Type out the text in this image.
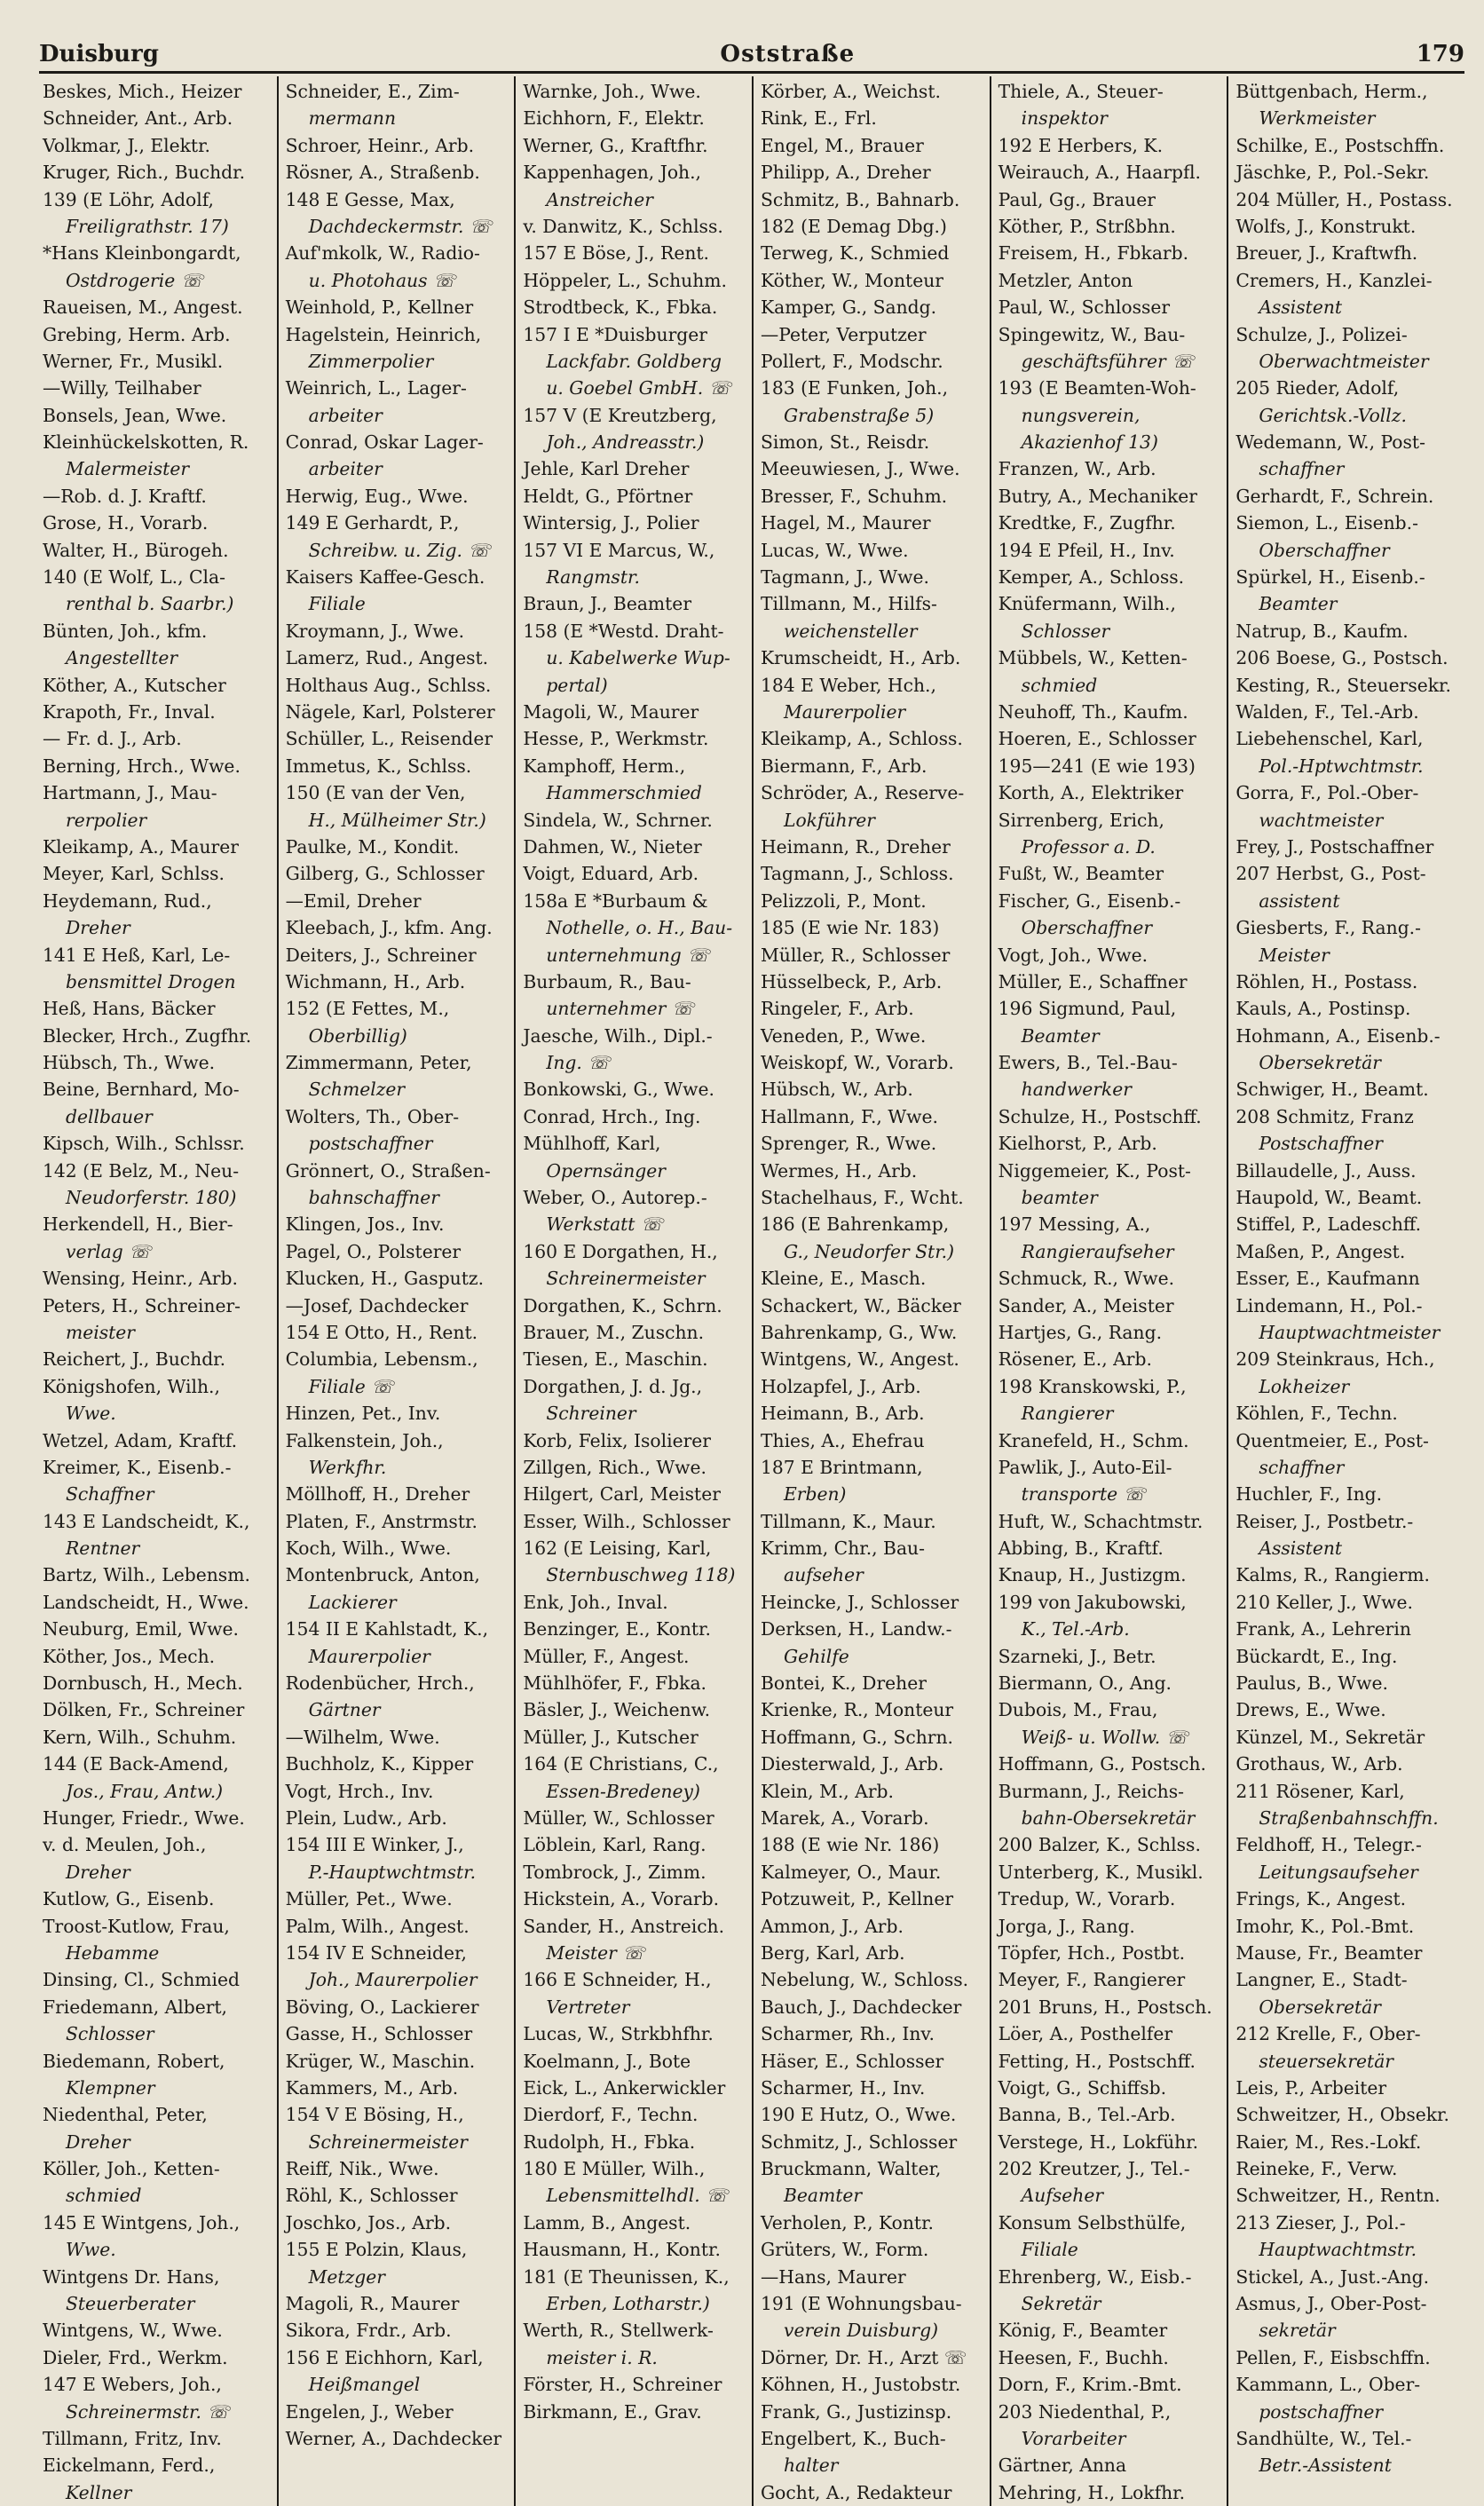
Duisburg	Oststraße	179
Beskes, Mich., Heizer
Schneider, Ant., Arb.
Volkmar, J., Elektr.
Kruger, Rich., Buchdr.
139 (E Löhr, Adolf,
Freiligrathstr. 17)
*Hans Kleinbongardt,
Ostdrogerie ☏
Raueisen, M., Angest.
Grebing, Herm. Arb.
Werner, Fr., Musikl.
—Willy, Teilhaber
Bonsels, Jean, Wwe.
Kleinhückelskotten, R.
Malermeister
—Rob. d. J. Kraftf.
Grose, H., Vorarb.
Walter, H., Bürogeh.
140 (E Wolf, L., Cla-
renthal b. Saarbr.)
Bünten, Joh., kfm.
Angestellter
Köther, A., Kutscher
Krapoth, Fr., Inval.
— Fr. d. J., Arb.
Berning, Hrch., Wwe.
Hartmann, J., Mau-
rerpolier
Kleikamp, A., Maurer
Meyer, Karl, Schlss.
Heydemann, Rud.,
Dreher
141 E Heß, Karl, Le-
bensmittel Drogen
Heß, Hans, Bäcker
Blecker, Hrch., Zugfhr.
Hübsch, Th., Wwe.
Beine, Bernhard, Mo-
dellbauer
Kipsch, Wilh., Schlssr.
142 (E Belz, M., Neu-
Neudorferstr. 180)
Herkendell, H., Bier-
verlag ☏
Wensing, Heinr., Arb.
Peters, H., Schreiner-
meister
Reichert, J., Buchdr.
Königshofen, Wilh.,
Wwe.
Wetzel, Adam, Kraftf.
Kreimer, K., Eisenb.-
Schaffner
143 E Landscheidt, K.,
Rentner
Bartz, Wilh., Lebensm.
Landscheidt, H., Wwe.
Neuburg, Emil, Wwe.
Köther, Jos., Mech.
Dornbusch, H., Mech.
Dölken, Fr., Schreiner
Kern, Wilh., Schuhm.
144 (E Back-Amend,
Jos., Frau, Antw.)
Hunger, Friedr., Wwe.
v. d. Meulen, Joh.,
Dreher
Kutlow, G., Eisenb.
Troost-Kutlow, Frau,
Hebamme
Dinsing, Cl., Schmied
Friedemann, Albert,
Schlosser
Biedemann, Robert,
Klempner
Niedenthal, Peter,
Dreher
Köller, Joh., Ketten-
schmied
145 E Wintgens, Joh.,
Wwe.
Wintgens Dr. Hans,
Steuerberater
Wintgens, W., Wwe.
Dieler, Frd., Werkm.
147 E Webers, Joh.,
Schreinermstr. ☏
Tillmann, Fritz, Inv.
Eickelmann, Ferd.,
Kellner
Schneider, E., Zim-
mermann
Schroer, Heinr., Arb.
Rösner, A., Straßenb.
148 E Gesse, Max,
Dachdeckermstr. ☏
Auf'mkolk, W., Radio-
u. Photohaus ☏
Weinhold, P., Kellner
Hagelstein, Heinrich,
Zimmerpolier
Weinrich, L., Lager-
arbeiter
Conrad, Oskar Lager-
arbeiter
Herwig, Eug., Wwe.
149 E Gerhardt, P.,
Schreibw. u. Zig. ☏
Kaisers Kaffee-Gesch.
Filiale
Kroymann, J., Wwe.
Lamerz, Rud., Angest.
Holthaus Aug., Schlss.
Nägele, Karl, Polsterer
Schüller, L., Reisender
Immetus, K., Schlss.
150 (E van der Ven,
H., Mülheimer Str.)
Paulke, M., Kondit.
Gilberg, G., Schlosser
—Emil, Dreher
Kleebach, J., kfm. Ang.
Deiters, J., Schreiner
Wichmann, H., Arb.
152 (E Fettes, M.,
Oberbillig)
Zimmermann, Peter,
Schmelzer
Wolters, Th., Ober-
postschaffner
Grönnert, O., Straßen-
bahnschaffner
Klingen, Jos., Inv.
Pagel, O., Polsterer
Klucken, H., Gasputz.
—Josef, Dachdecker
154 E Otto, H., Rent.
Columbia, Lebensm.,
Filiale ☏
Hinzen, Pet., Inv.
Falkenstein, Joh.,
Werkfhr.
Möllhoff, H., Dreher
Platen, F., Anstrmstr.
Koch, Wilh., Wwe.
Montenbruck, Anton,
Lackierer
154 II E Kahlstadt, K.,
Maurerpolier
Rodenbücher, Hrch.,
Gärtner
—Wilhelm, Wwe.
Buchholz, K., Kipper
Vogt, Hrch., Inv.
Plein, Ludw., Arb.
154 III E Winker, J.,
P.-Hauptwchtmstr.
Müller, Pet., Wwe.
Palm, Wilh., Angest.
154 IV E Schneider,
Joh., Maurerpolier
Böving, O., Lackierer
Gasse, H., Schlosser
Krüger, W., Maschin.
Kammers, M., Arb.
154 V E Bösing, H.,
Schreinermeister
Reiff, Nik., Wwe.
Röhl, K., Schlosser
Joschko, Jos., Arb.
155 E Polzin, Klaus,
Metzger
Magoli, R., Maurer
Sikora, Frdr., Arb.
156 E Eichhorn, Karl,
Heißmangel
Engelen, J., Weber
Werner, A., Dachdecker
Warnke, Joh., Wwe.
Eichhorn, F., Elektr.
Werner, G., Kraftfhr.
Kappenhagen, Joh.,
Anstreicher
v. Danwitz, K., Schlss.
157 E Böse, J., Rent.
Höppeler, L., Schuhm.
Strodtbeck, K., Fbka.
157 I E *Duisburger
Lackfabr. Goldberg
u. Goebel GmbH. ☏
157 V (E Kreutzberg,
Joh., Andreasstr.)
Jehle, Karl Dreher
Heldt, G., Pförtner
Wintersig, J., Polier
157 VI E Marcus, W.,
Rangmstr.
Braun, J., Beamter
158 (E *Westd. Draht-
u. Kabelwerke Wup-
pertal)
Magoli, W., Maurer
Hesse, P., Werkmstr.
Kamphoff, Herm.,
Hammerschmied
Sindela, W., Schrner.
Dahmen, W., Nieter
Voigt, Eduard, Arb.
158a E *Burbaum &
Nothelle, o. H., Bau-
unternehmung ☏
Burbaum, R., Bau-
unternehmer ☏
Jaesche, Wilh., Dipl.-
Ing. ☏
Bonkowski, G., Wwe.
Conrad, Hrch., Ing.
Mühlhoff, Karl,
Opernsänger
Weber, O., Autorep.-
Werkstatt ☏
160 E Dorgathen, H.,
Schreinermeister
Dorgathen, K., Schrn.
Brauer, M., Zuschn.
Tiesen, E., Maschin.
Dorgathen, J. d. Jg.,
Schreiner
Korb, Felix, Isolierer
Zillgen, Rich., Wwe.
Hilgert, Carl, Meister
Esser, Wilh., Schlosser
162 (E Leising, Karl,
Sternbuschweg 118)
Enk, Joh., Inval.
Benzinger, E., Kontr.
Müller, F., Angest.
Mühlhöfer, F., Fbka.
Bäsler, J., Weichenw.
Müller, J., Kutscher
164 (E Christians, C.,
Essen-Bredeney)
Müller, W., Schlosser
Löblein, Karl, Rang.
Tombrock, J., Zimm.
Hickstein, A., Vorarb.
Sander, H., Anstreich.
Meister ☏
166 E Schneider, H.,
Vertreter
Lucas, W., Strkbhfhr.
Koelmann, J., Bote
Eick, L., Ankerwickler
Dierdorf, F., Techn.
Rudolph, H., Fbka.
180 E Müller, Wilh.,
Lebensmittelhdl. ☏
Lamm, B., Angest.
Hausmann, H., Kontr.
181 (E Theunissen, K.,
Erben, Lotharstr.)
Werth, R., Stellwerk-
meister i. R.
Förster, H., Schreiner
Birkmann, E., Grav.
Körber, A., Weichst.
Rink, E., Frl.
Engel, M., Brauer
Philipp, A., Dreher
Schmitz, B., Bahnarb.
182 (E Demag Dbg.)
Terweg, K., Schmied
Köther, W., Monteur
Kamper, G., Sandg.
—Peter, Verputzer
Pollert, F., Modschr.
183 (E Funken, Joh.,
Grabenstraße 5)
Simon, St., Reisdr.
Meeuwiesen, J., Wwe.
Bresser, F., Schuhm.
Hagel, M., Maurer
Lucas, W., Wwe.
Tagmann, J., Wwe.
Tillmann, M., Hilfs-
weichensteller
Krumscheidt, H., Arb.
184 E Weber, Hch.,
Maurerpolier
Kleikamp, A., Schloss.
Biermann, F., Arb.
Schröder, A., Reserve-
Lokführer
Heimann, R., Dreher
Tagmann, J., Schloss.
Pelizzoli, P., Mont.
185 (E wie Nr. 183)
Müller, R., Schlosser
Hüsselbeck, P., Arb.
Ringeler, F., Arb.
Veneden, P., Wwe.
Weiskopf, W., Vorarb.
Hübsch, W., Arb.
Hallmann, F., Wwe.
Sprenger, R., Wwe.
Wermes, H., Arb.
Stachelhaus, F., Wcht.
186 (E Bahrenkamp,
G., Neudorfer Str.)
Kleine, E., Masch.
Schackert, W., Bäcker
Bahrenkamp, G., Ww.
Wintgens, W., Angest.
Holzapfel, J., Arb.
Heimann, B., Arb.
Thies, A., Ehefrau
187 E Brintmann,
Erben)
Tillmann, K., Maur.
Krimm, Chr., Bau-
aufseher
Heincke, J., Schlosser
Derksen, H., Landw.-
Gehilfe
Bontei, K., Dreher
Krienke, R., Monteur
Hoffmann, G., Schrn.
Diesterwald, J., Arb.
Klein, M., Arb.
Marek, A., Vorarb.
188 (E wie Nr. 186)
Kalmeyer, O., Maur.
Potzuweit, P., Kellner
Ammon, J., Arb.
Berg, Karl, Arb.
Nebelung, W., Schloss.
Bauch, J., Dachdecker
Scharmer, Rh., Inv.
Häser, E., Schlosser
Scharmer, H., Inv.
190 E Hutz, O., Wwe.
Schmitz, J., Schlosser
Bruckmann, Walter,
Beamter
Verholen, P., Kontr.
Grüters, W., Form.
—Hans, Maurer
191 (E Wohnungsbau-
verein Duisburg)
Dörner, Dr. H., Arzt ☏
Köhnen, H., Justobstr.
Frank, G., Justizinsp.
Engelbert, K., Buch-
halter
Gocht, A., Redakteur
Thiele, A., Steuer-
inspektor
192 E Herbers, K.
Weirauch, A., Haarpfl.
Paul, Gg., Brauer
Köther, P., Strßbhn.
Freisem, H., Fbkarb.
Metzler, Anton
Paul, W., Schlosser
Spingewitz, W., Bau-
geschäftsführer ☏
193 (E Beamten-Woh-
nungsverein,
Akazienhof 13)
Franzen, W., Arb.
Butry, A., Mechaniker
Kredtke, F., Zugfhr.
194 E Pfeil, H., Inv.
Kemper, A., Schloss.
Knüfermann, Wilh.,
Schlosser
Mübbels, W., Ketten-
schmied
Neuhoff, Th., Kaufm.
Hoeren, E., Schlosser
195—241 (E wie 193)
Korth, A., Elektriker
Sirrenberg, Erich,
Professor a. D.
Fußt, W., Beamter
Fischer, G., Eisenb.-
Oberschaffner
Vogt, Joh., Wwe.
Müller, E., Schaffner
196 Sigmund, Paul,
Beamter
Ewers, B., Tel.-Bau-
handwerker
Schulze, H., Postschff.
Kielhorst, P., Arb.
Niggemeier, K., Post-
beamter
197 Messing, A.,
Rangieraufseher
Schmuck, R., Wwe.
Sander, A., Meister
Hartjes, G., Rang.
Rösener, E., Arb.
198 Kranskowski, P.,
Rangierer
Kranefeld, H., Schm.
Pawlik, J., Auto-Eil-
transporte ☏
Huft, W., Schachtmstr.
Abbing, B., Kraftf.
Knaup, H., Justizgm.
199 von Jakubowski,
K., Tel.-Arb.
Szarneki, J., Betr.
Biermann, O., Ang.
Dubois, M., Frau,
Weiß- u. Wollw. ☏
Hoffmann, G., Postsch.
Burmann, J., Reichs-
bahn-Obersekretär
200 Balzer, K., Schlss.
Unterberg, K., Musikl.
Tredup, W., Vorarb.
Jorga, J., Rang.
Töpfer, Hch., Postbt.
Meyer, F., Rangierer
201 Bruns, H., Postsch.
Löer, A., Posthelfer
Fetting, H., Postschff.
Voigt, G., Schiffsb.
Banna, B., Tel.-Arb.
Verstege, H., Lokführ.
202 Kreutzer, J., Tel.-
Aufseher
Konsum Selbsthülfe,
Filiale
Ehrenberg, W., Eisb.-
Sekretär
König, F., Beamter
Heesen, F., Buchh.
Dorn, F., Krim.-Bmt.
203 Niedenthal, P.,
Vorarbeiter
Gärtner, Anna
Mehring, H., Lokfhr.
Büttgenbach, Herm.,
Werkmeister
Schilke, E., Postschffn.
Jäschke, P., Pol.-Sekr.
204 Müller, H., Postass.
Wolfs, J., Konstrukt.
Breuer, J., Kraftwfh.
Cremers, H., Kanzlei-
Assistent
Schulze, J., Polizei-
Oberwachtmeister
205 Rieder, Adolf,
Gerichtsk.-Vollz.
Wedemann, W., Post-
schaffner
Gerhardt, F., Schrein.
Siemon, L., Eisenb.-
Oberschaffner
Spürkel, H., Eisenb.-
Beamter
Natrup, B., Kaufm.
206 Boese, G., Postsch.
Kesting, R., Steuersekr.
Walden, F., Tel.-Arb.
Liebehenschel, Karl,
Pol.-Hptwchtmstr.
Gorra, F., Pol.-Ober-
wachtmeister
Frey, J., Postschaffner
207 Herbst, G., Post-
assistent
Giesberts, F., Rang.-
Meister
Röhlen, H., Postass.
Kauls, A., Postinsp.
Hohmann, A., Eisenb.-
Obersekretär
Schwiger, H., Beamt.
208 Schmitz, Franz
Postschaffner
Billaudelle, J., Auss.
Haupold, W., Beamt.
Stiffel, P., Ladeschff.
Maßen, P., Angest.
Esser, E., Kaufmann
Lindemann, H., Pol.-
Hauptwachtmeister
209 Steinkraus, Hch.,
Lokheizer
Köhlen, F., Techn.
Quentmeier, E., Post-
schaffner
Huchler, F., Ing.
Reiser, J., Postbetr.-
Assistent
Kalms, R., Rangierm.
210 Keller, J., Wwe.
Frank, A., Lehrerin
Bückardt, E., Ing.
Paulus, B., Wwe.
Drews, E., Wwe.
Künzel, M., Sekretär
Grothaus, W., Arb.
211 Rösener, Karl,
Straßenbahnschffn.
Feldhoff, H., Telegr.-
Leitungsaufseher
Frings, K., Angest.
Imohr, K., Pol.-Bmt.
Mause, Fr., Beamter
Langner, E., Stadt-
Obersekretär
212 Krelle, F., Ober-
steuersekretär
Leis, P., Arbeiter
Schweitzer, H., Obsekr.
Raier, M., Res.-Lokf.
Reineke, F., Verw.
Schweitzer, H., Rentn.
213 Zieser, J., Pol.-
Hauptwachtmstr.
Stickel, A., Just.-Ang.
Asmus, J., Ober-Post-
sekretär
Pellen, F., Eisbschffn.
Kammann, L., Ober-
postschaffner
Sandhülte, W., Tel.-
Betr.-Assistent
